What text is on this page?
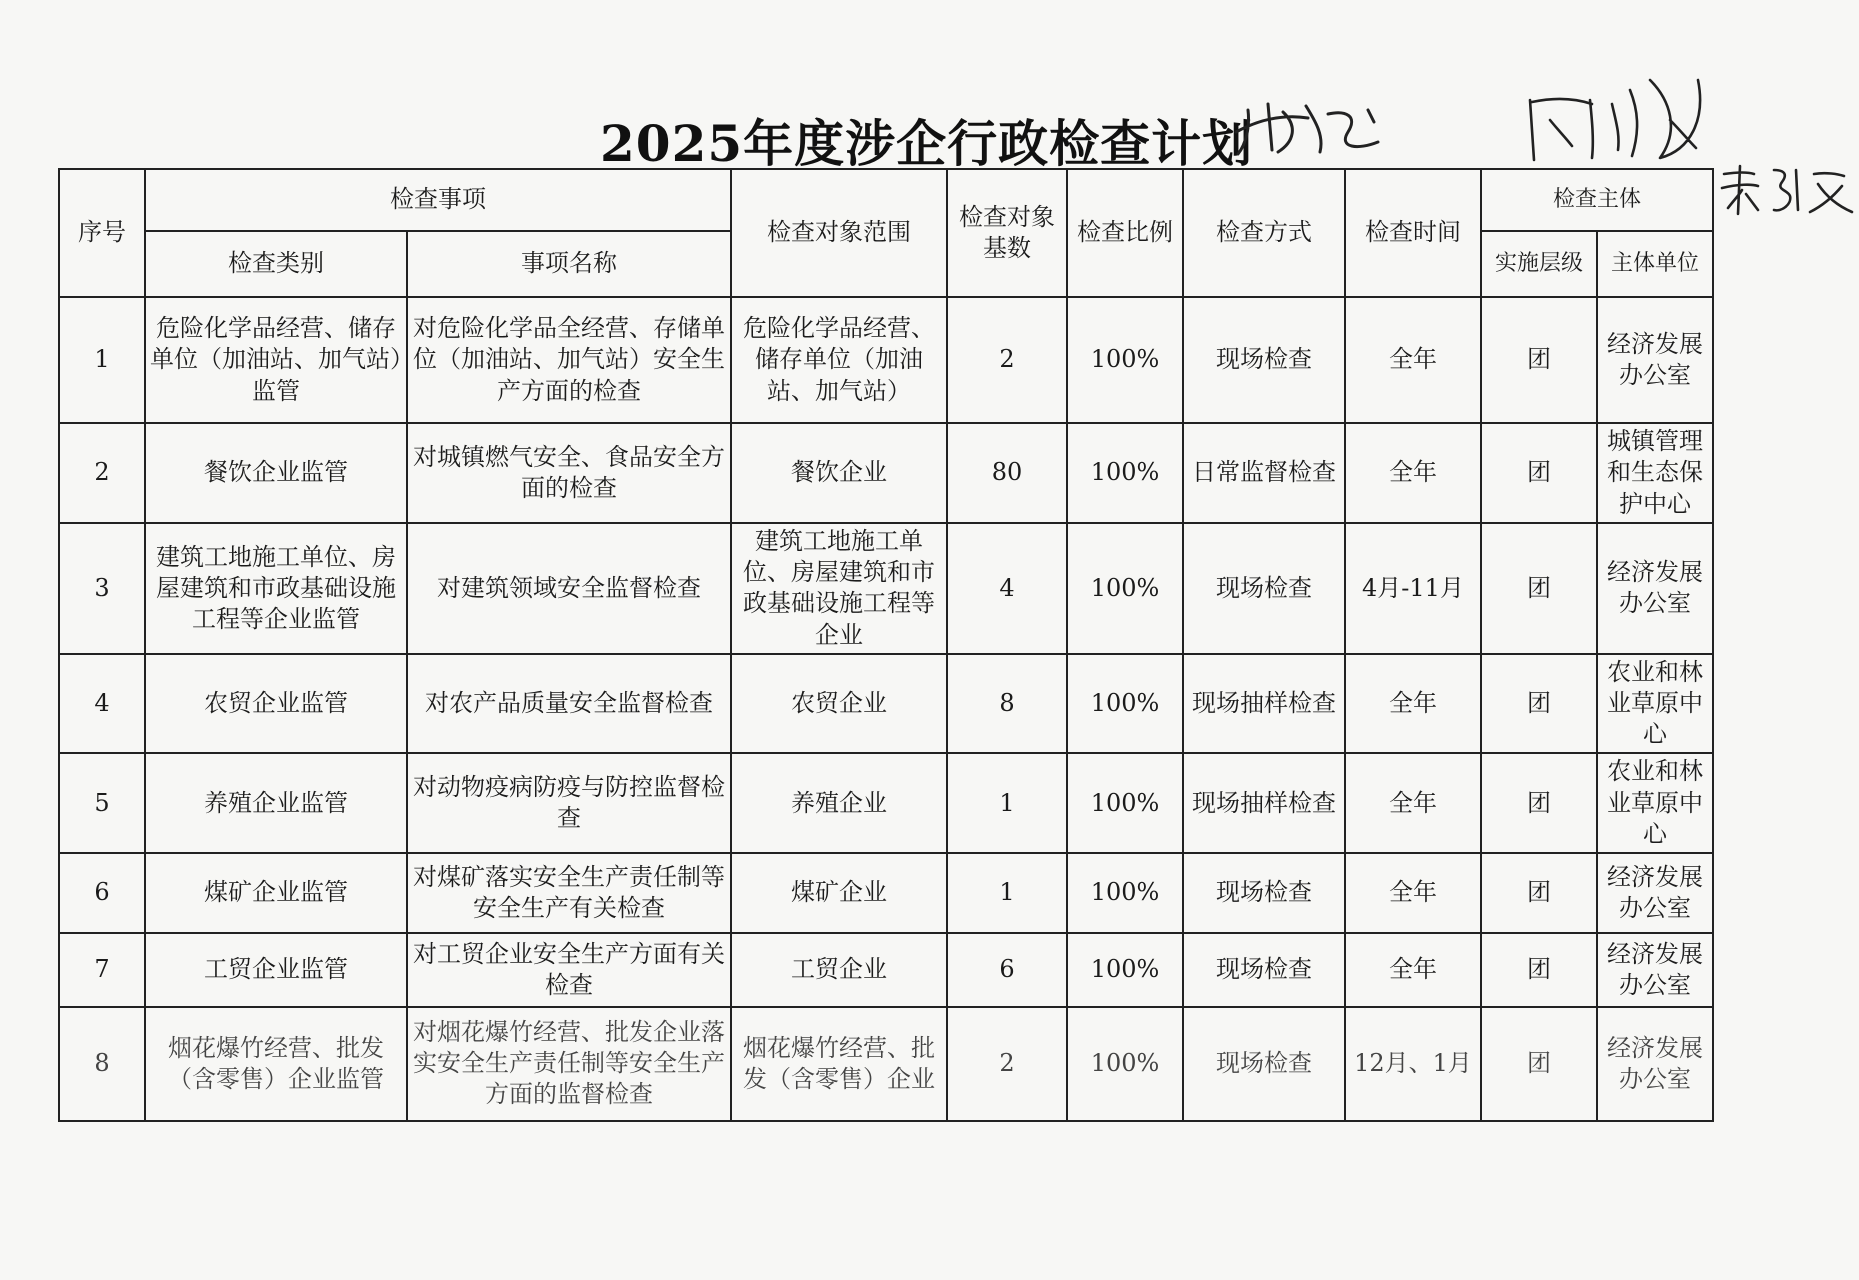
2025年度涉企行政检查计划
序号	检查事项		检查对象范围	检查对象基数	检查比例	检查方式	检查时间	检查主体	
	检查类别	事项名称						实施层级	主体单位
1	危险化学品经营、储存单位（加油站、加气站）监管	对危险化学品全经营、存储单位（加油站、加气站）安全生产方面的检查	危险化学品经营、储存单位（加油站、加气站）	2	100%	现场检查	全年	团	经济发展办公室
2	餐饮企业监管	对城镇燃气安全、食品安全方面的检查	餐饮企业	80	100%	日常监督检查	全年	团	城镇管理和生态保护中心
3	建筑工地施工单位、房屋建筑和市政基础设施工程等企业监管	对建筑领域安全监督检查	建筑工地施工单位、房屋建筑和市政基础设施工程等企业	4	100%	现场检查	4月-11月	团	经济发展办公室
4	农贸企业监管	对农产品质量安全监督检查	农贸企业	8	100%	现场抽样检查	全年	团	农业和林业草原中心
5	养殖企业监管	对动物疫病防疫与防控监督检查	养殖企业	1	100%	现场抽样检查	全年	团	农业和林业草原中心
6	煤矿企业监管	对煤矿落实安全生产责任制等安全生产有关检查	煤矿企业	1	100%	现场检查	全年	团	经济发展办公室
7	工贸企业监管	对工贸企业安全生产方面有关检查	工贸企业	6	100%	现场检查	全年	团	经济发展办公室
8	烟花爆竹经营、批发（含零售）企业监管	对烟花爆竹经营、批发企业落实安全生产责任制等安全生产方面的监督检查	烟花爆竹经营、批发（含零售）企业	2	100%	现场检查	12月、1月	团	经济发展办公室
